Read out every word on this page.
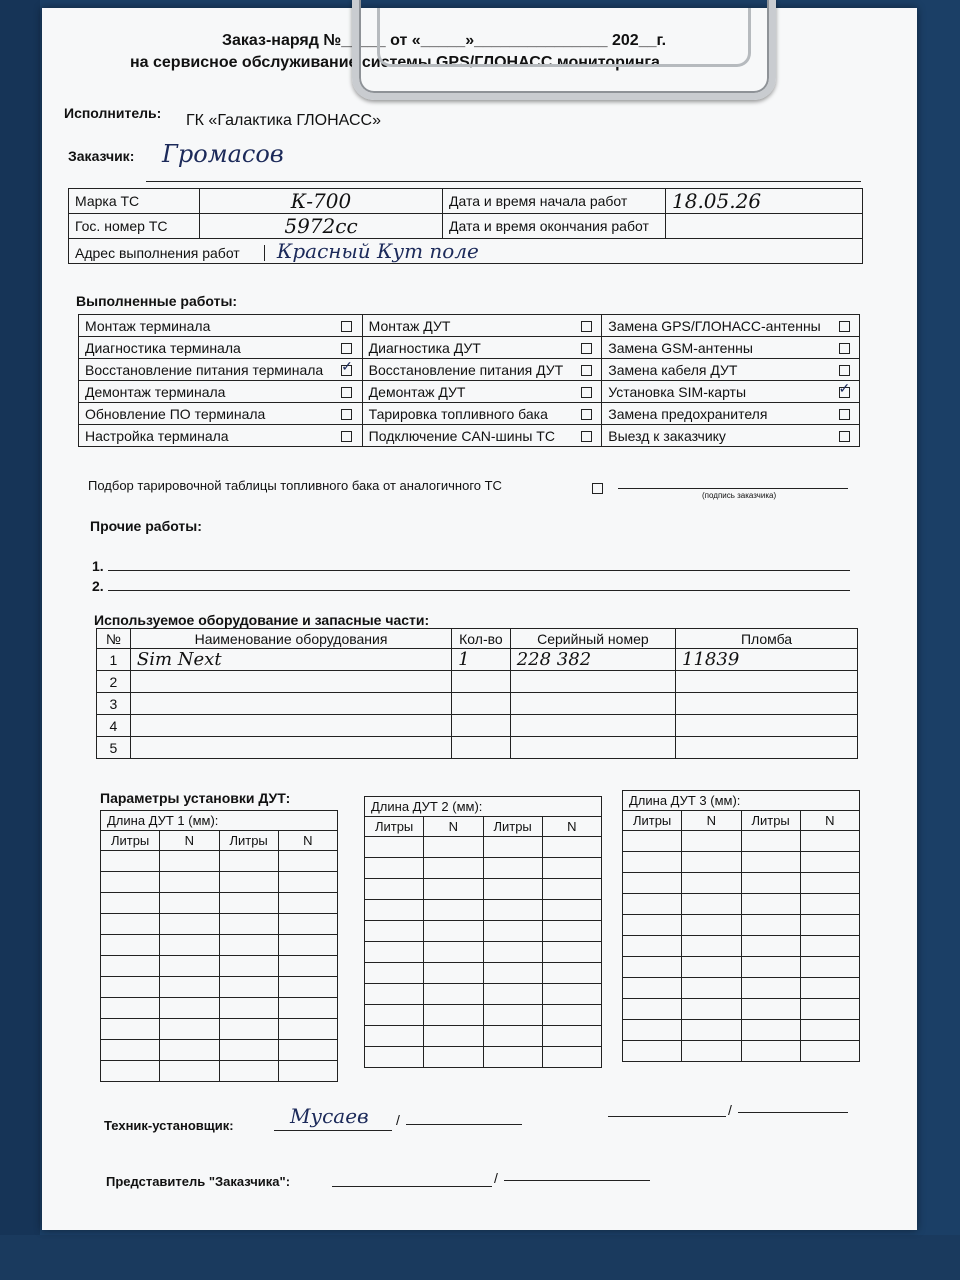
Заказ-наряд №_____ от «_____»_______________ 202__г.
на сервисное обслуживание системы GPS/ГЛОНАСС мониторинга
Исполнитель: ГК «Галактика ГЛОНАСС»
Заказчик: Громасов
Марка ТС	К-700	Дата и время начала работ	18.05.26
Гос. номер ТС	5972сс	Дата и время окончания работ	
Адрес выполнения работ Красный Кут поле			
Выполненные работы:
Монтаж терминала		Монтаж ДУТ		Замена GPS/ГЛОНАСС-антенны	
Диагностика терминала		Диагностика ДУТ		Замена GSM-антенны	
Восстановление питания терминала	✓	Восстановление питания ДУТ		Замена кабеля ДУТ	
Демонтаж терминала		Демонтаж ДУТ		Установка SIM-карты	✓
Обновление ПО терминала		Тарировка топливного бака		Замена предохранителя	
Настройка терминала		Подключение CAN-шины ТС		Выезд к заказчику	
Подбор тарировочной таблицы топливного бака от аналогичного ТС
(подпись заказчика)
Прочие работы:
1.
2.
Используемое оборудование и запасные части:
№	Наименование оборудования	Кол-во	Серийный номер	Пломба
1	Sim Next	1	228 382	11839
2				
3				
4				
5				
Параметры установки ДУТ:
Длина ДУТ 1 (мм):			
Литры	N	Литры	N

Длина ДУТ 2 (мм):			
Литры	N	Литры	N

Длина ДУТ 3 (мм):			
Литры	N	Литры	N

Техник-установщик:	Мусаев /
/
Представитель "Заказчика":	/
